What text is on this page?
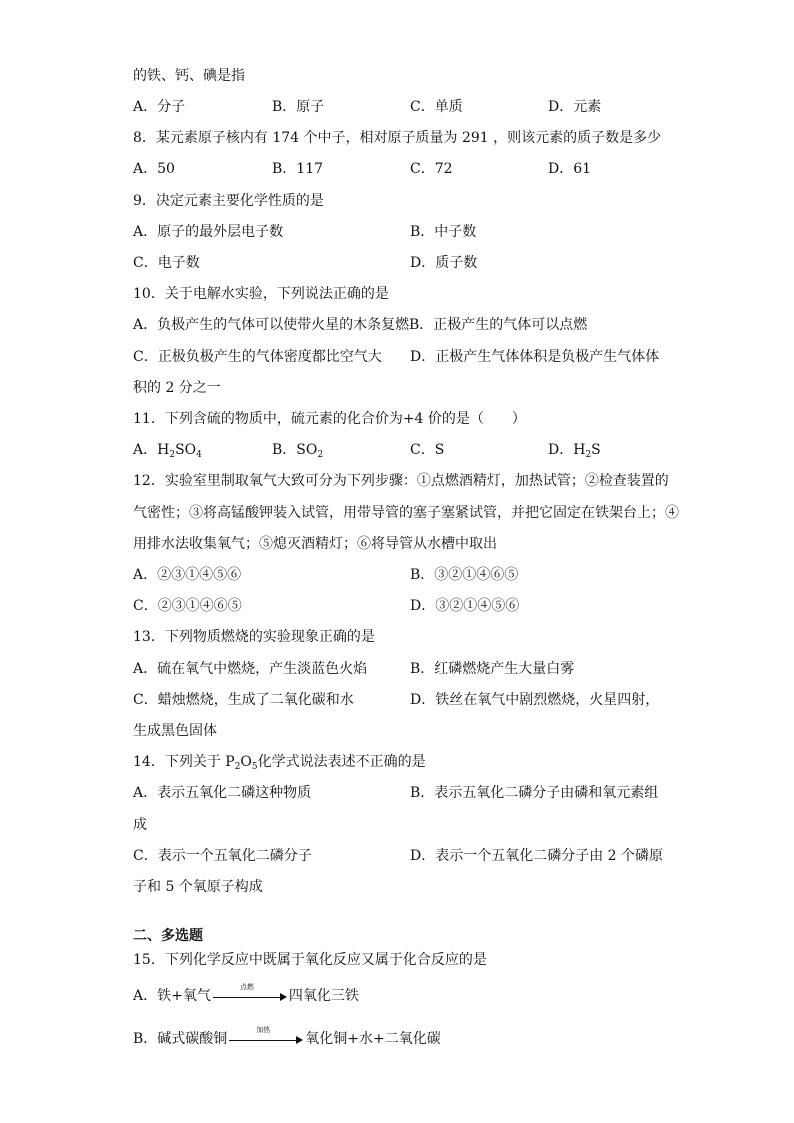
的铁、钙、碘是指
A．分子	B．原子	C．单质	D．元素
8．某元素原子核内有 174 个中子，相对原子质量为 291 ，则该元素的质子数是多少
A．50	B．117	C．72	D．61
9．决定元素主要化学性质的是
A．原子的最外层电子数	B．中子数
C．电子数	D．质子数
10．关于电解水实验，下列说法正确的是
A．负极产生的气体可以使带火星的木条复燃 B．正极产生的气体可以点燃
C．正极负极产生的气体密度都比空气大 D．正极产生气体体积是负极产生气体体
积的 2 分之一
11．下列含硫的物质中，硫元素的化合价为+4 价的是（　　）
A．$H_2SO_4$	B．$SO_2$	C．S	D．$H_2S$
12．实验室里制取氧气大致可分为下列步骤：①点燃酒精灯，加热试管；②检查装置的
气密性；③将高锰酸钾装入试管，用带导管的塞子塞紧试管，并把它固定在铁架台上；④
用排水法收集氧气；⑤熄灭酒精灯；⑥将导管从水槽中取出
A．②③①④⑤⑥	B．③②①④⑥⑤
C．②③①④⑥⑤	D．③②①④⑤⑥
13．下列物质燃烧的实验现象正确的是
A．硫在氧气中燃烧，产生淡蓝色火焰	B．红磷燃烧产生大量白雾
C．蜡烛燃烧，生成了二氧化碳和水	D．铁丝在氧气中剧烈燃烧，火星四射，
生成黑色固体
14．下列关于 $P_2O_5$化学式说法表述不正确的是
A．表示五氧化二磷这种物质	B．表示五氧化二磷分子由磷和氧元素组
成
C．表示一个五氧化二磷分子	D．表示一个五氧化二磷分子由 2 个磷原
子和 5 个氧原子构成
二、多选题
15．下列化学反应中既属于氧化反应又属于化合反应的是
A．铁+氧气
点燃
四氧化三铁
B．碱式碳酸铜
加热
氧化铜+水+二氧化碳
